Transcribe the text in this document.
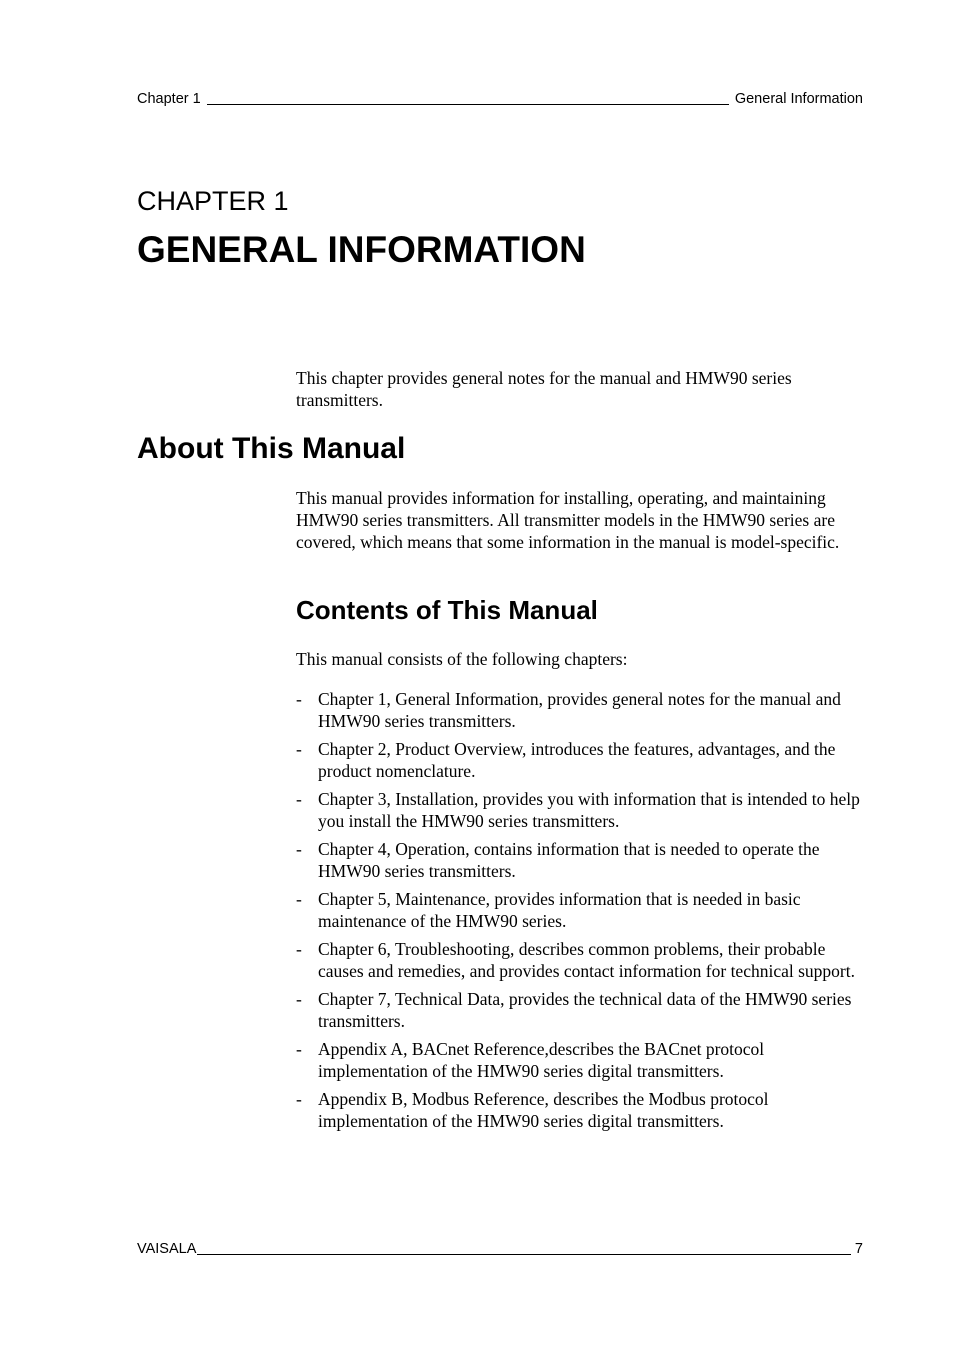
Chapter 1	General Information
CHAPTER 1
GENERAL INFORMATION

This chapter provides general notes for the manual and HMW90 series transmitters.

About This Manual

This manual provides information for installing, operating, and maintaining HMW90 series transmitters. All transmitter models in the HMW90 series are covered, which means that some information in the manual is model-specific.

Contents of This Manual

This manual consists of the following chapters:

- Chapter 1, General Information, provides general notes for the manual and HMW90 series transmitters.
- Chapter 2, Product Overview, introduces the features, advantages, and the product nomenclature.
- Chapter 3, Installation, provides you with information that is intended to help you install the HMW90 series transmitters.
- Chapter 4, Operation, contains information that is needed to operate the HMW90 series transmitters.
- Chapter 5, Maintenance, provides information that is needed in basic maintenance of the HMW90 series.
- Chapter 6, Troubleshooting, describes common problems, their probable causes and remedies, and provides contact information for technical support.
- Chapter 7, Technical Data, provides the technical data of the HMW90 series transmitters.
- Appendix A, BACnet Reference,describes the BACnet protocol implementation of the HMW90 series digital transmitters.
- Appendix B, Modbus Reference, describes the Modbus protocol implementation of the HMW90 series digital transmitters.
VAISALA	7
